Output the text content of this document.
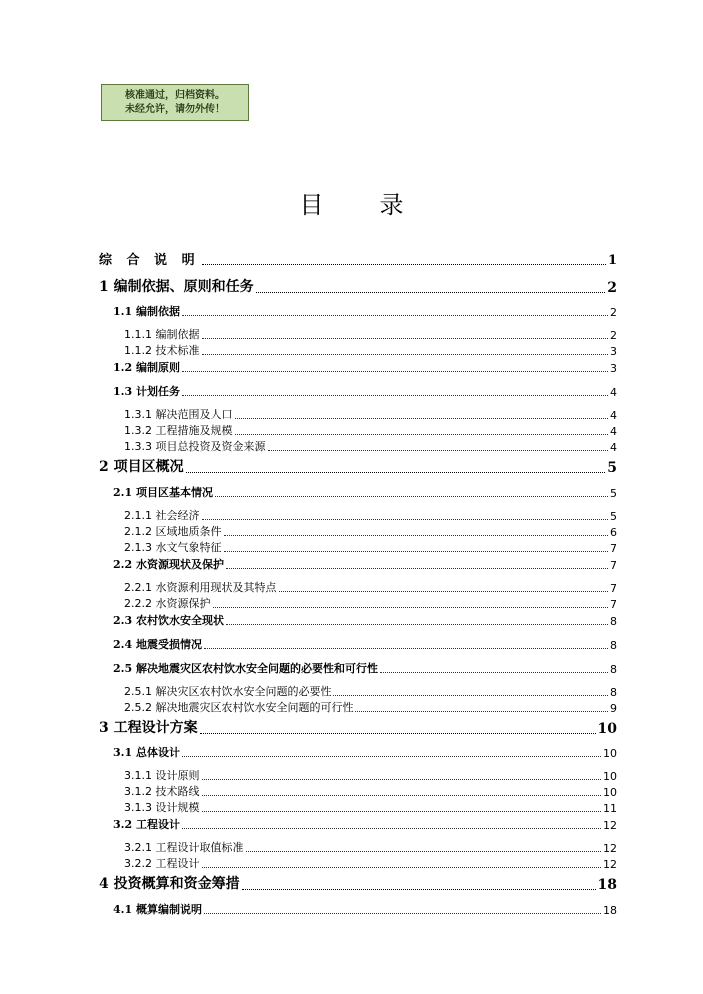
核准通过，归档资料。
未经允许，请勿外传！
目录
综 合 说 明	1
1 编制依据、原则和任务	2
1.1 编制依据	2
1.1.1 编制依据	2
1.1.2 技术标准	3
1.2 编制原则	3
1.3 计划任务	4
1.3.1 解决范围及人口	4
1.3.2 工程措施及规模	4
1.3.3 项目总投资及资金来源	4
2 项目区概况	5
2.1 项目区基本情况	5
2.1.1 社会经济	5
2.1.2 区域地质条件	6
2.1.3 水文气象特征	7
2.2 水资源现状及保护	7
2.2.1 水资源利用现状及其特点	7
2.2.2 水资源保护	7
2.3 农村饮水安全现状	8
2.4 地震受损情况	8
2.5 解决地震灾区农村饮水安全问题的必要性和可行性	8
2.5.1 解决灾区农村饮水安全问题的必要性	8
2.5.2 解决地震灾区农村饮水安全问题的可行性	9
3 工程设计方案	10
3.1 总体设计	10
3.1.1 设计原则	10
3.1.2 技术路线	10
3.1.3 设计规模	11
3.2 工程设计	12
3.2.1 工程设计取值标准	12
3.2.2 工程设计	12
4 投资概算和资金筹措	18
4.1 概算编制说明	18
